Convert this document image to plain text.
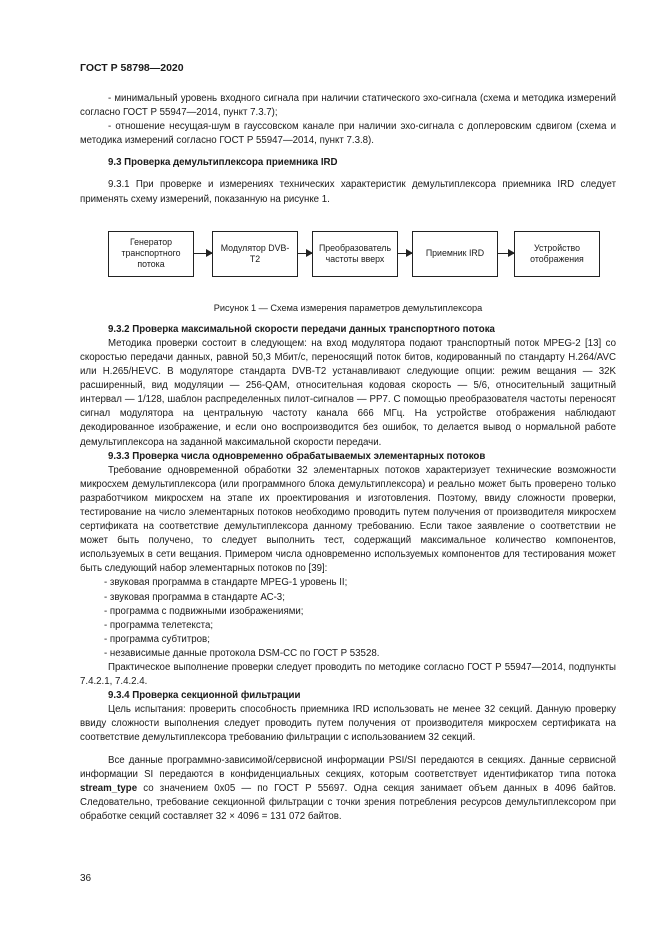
ГОСТ Р 58798—2020

- минимальный уровень входного сигнала при наличии статического эхо-сигнала (схема и методика измерений согласно ГОСТ Р 55947—2014, пункт 7.3.7);

- отношение несущая-шум в гауссовском канале при наличии эхо-сигнала с доплеровским сдвигом (схема и методика измерений согласно ГОСТ Р 55947—2014, пункт 7.3.8).

9.3 Проверка демультиплексора приемника IRD

9.3.1 При проверке и измерениях технических характеристик демультиплексора приемника IRD следует применять схему измерений, показанную на рисунке 1.

Генератор транспортного потока
Модулятор DVB-T2
Преобразователь частоты вверх
Приемник IRD
Устройство отображения

Рисунок 1 — Схема измерения параметров демультиплексора

9.3.2 Проверка максимальной скорости передачи данных транспортного потока

Методика проверки состоит в следующем: на вход модулятора подают транспортный поток MPEG-2 [13] со скоростью передачи данных, равной 50,3 Мбит/с, переносящий поток битов, кодированный по стандарту H.264/AVC или H.265/HEVC. В модуляторе стандарта DVB-T2 устанавливают следующие опции: режим вещания — 32K расширенный, вид модуляции — 256-QAM, относительная кодовая скорость — 5/6, относительный защитный интервал — 1/128, шаблон распределенных пилот-сигналов — PP7. С помощью преобразователя частоты переносят сигнал модулятора на центральную частоту канала 666 МГц. На устройстве отображения наблюдают декодированное изображение, и если оно воспроизводится без ошибок, то делается вывод о нормальной работе демультиплексора на заданной максимальной скорости передачи.

9.3.3 Проверка числа одновременно обрабатываемых элементарных потоков

Требование одновременной обработки 32 элементарных потоков характеризует технические возможности микросхем демультиплексора (или программного блока демультиплексора) и реально может быть проверено только разработчиком микросхем на этапе их проектирования и изготовления. Поэтому, ввиду сложности проверки, тестирование на число элементарных потоков необходимо проводить путем получения от производителя микросхем сертификата на соответствие демультиплексора данному требованию. Если такое заявление о соответствии не может быть получено, то следует выполнить тест, содержащий максимальное количество компонентов, используемых в сети вещания. Примером числа одновременно используемых компонентов для тестирования может быть следующий набор элементарных потоков по [39]:

- звуковая программа в стандарте MPEG-1 уровень II;

- звуковая программа в стандарте АС-3;

- программа с подвижными изображениями;

- программа телетекста;

- программа субтитров;

- независимые данные протокола DSM-CC по ГОСТ Р 53528.

Практическое выполнение проверки следует проводить по методике согласно ГОСТ Р 55947—2014, подпункты 7.4.2.1, 7.4.2.4.

9.3.4 Проверка секционной фильтрации

Цель испытания: проверить способность приемника IRD использовать не менее 32 секций. Данную проверку ввиду сложности выполнения следует проводить путем получения от производителя микросхем сертификата на соответствие демультиплексора требованию фильтрации с использованием 32 секций.

Все данные программно-зависимой/сервисной информации PSI/SI передаются в секциях. Данные сервисной информации SI передаются в конфиденциальных секциях, которым соответствует идентификатор типа потока stream_type со значением 0x05 — по ГОСТ Р 55697. Одна секция занимает объем данных в 4096 байтов. Следовательно, требование секционной фильтрации с точки зрения потребления ресурсов демультиплексором при обработке секций составляет 32 × 4096 = 131 072 байтов.

36
